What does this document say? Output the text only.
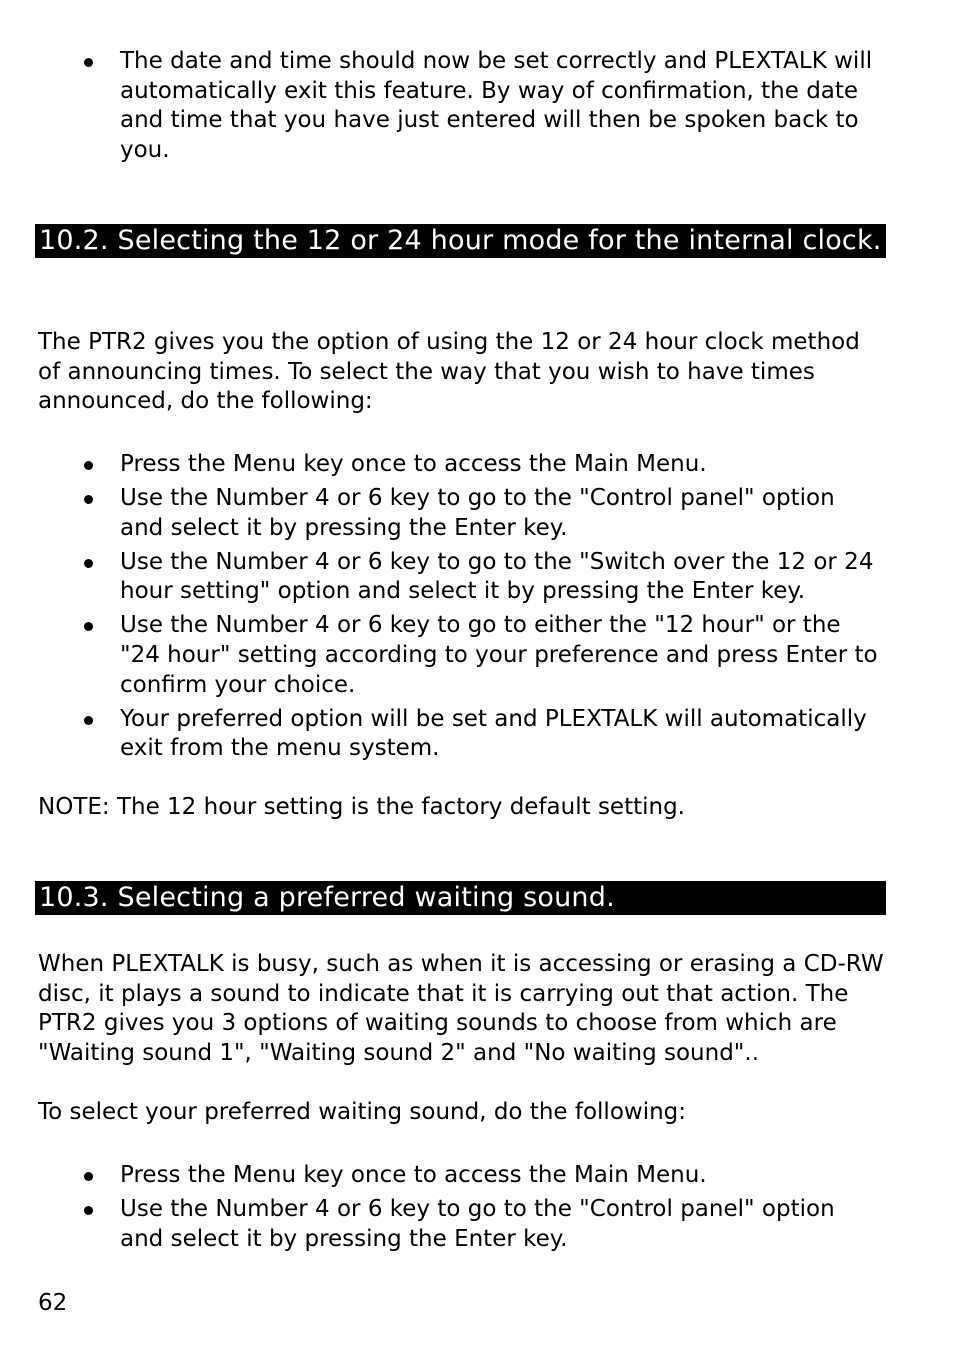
The date and time should now be set correctly and PLEXTALK will automatically exit this feature. By way of confirmation, the date and time that you have just entered will then be spoken back to you.
10.2. Selecting the 12 or 24 hour mode for the internal clock.

The PTR2 gives you the option of using the 12 or 24 hour clock method of announcing times. To select the way that you wish to have times announced, do the following:

Press the Menu key once to access the Main Menu.
Use the Number 4 or 6 key to go to the "Control panel" option and select it by pressing the Enter key.
Use the Number 4 or 6 key to go to the "Switch over the 12 or 24 hour setting" option and select it by pressing the Enter key.
Use the Number 4 or 6 key to go to either the "12 hour" or the "24 hour" setting according to your preference and press Enter to confirm your choice.
Your preferred option will be set and PLEXTALK will automatically exit from the menu system.

NOTE: The 12 hour setting is the factory default setting.

10.3. Selecting a preferred waiting sound.

When PLEXTALK is busy, such as when it is accessing or erasing a CD-RW disc, it plays a sound to indicate that it is carrying out that action. The PTR2 gives you 3 options of waiting sounds to choose from which are "Waiting sound 1", "Waiting sound 2" and "No waiting sound"..

To select your preferred waiting sound, do the following:

Press the Menu key once to access the Main Menu.
Use the Number 4 or 6 key to go to the "Control panel" option and select it by pressing the Enter key.
62
